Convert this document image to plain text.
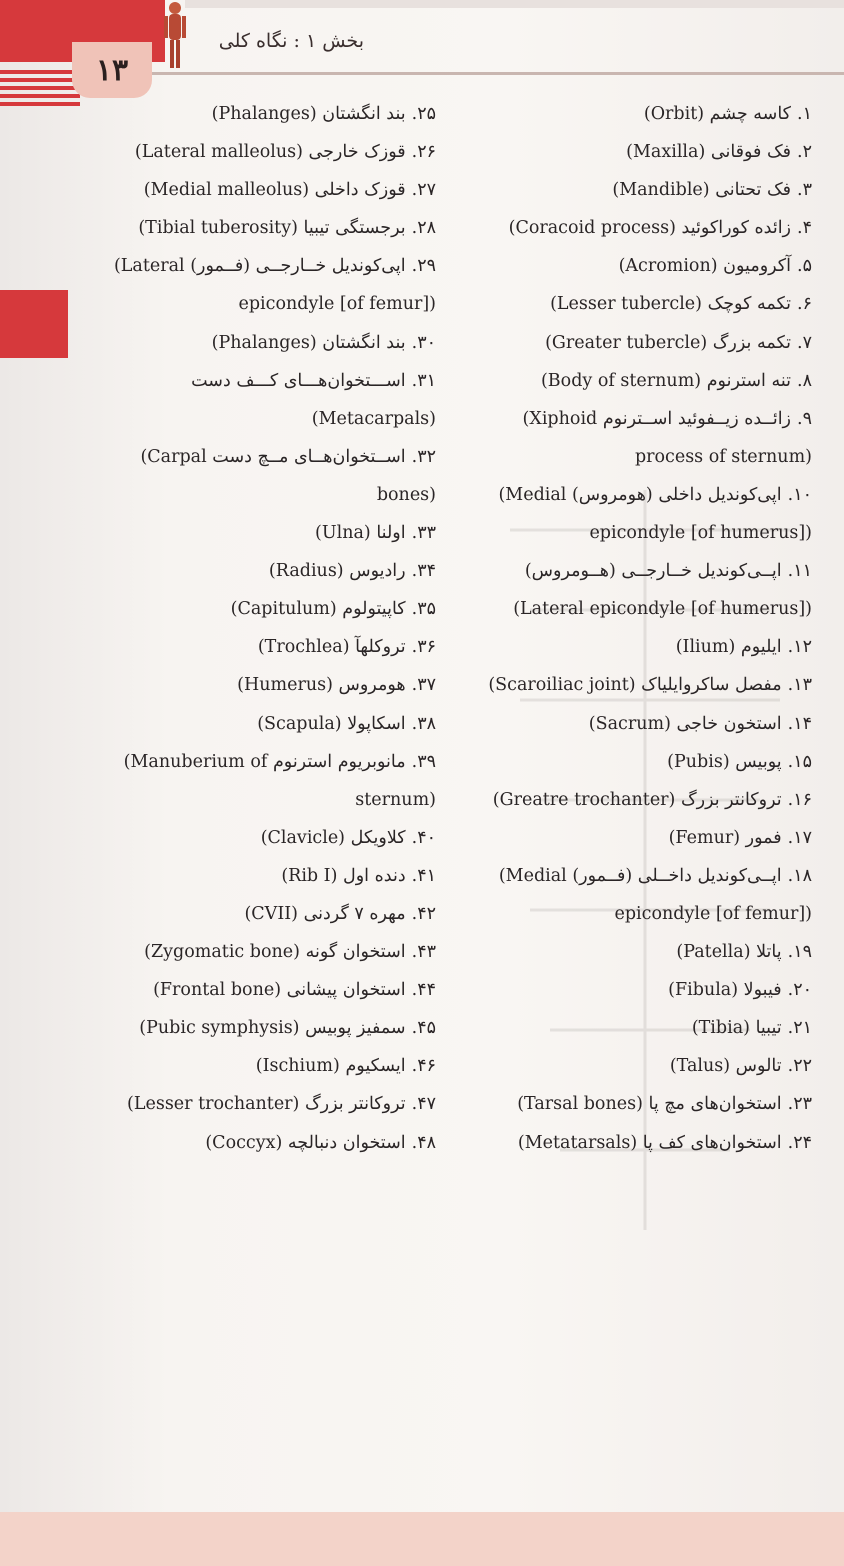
۱۳
بخش ۱ : نگاه کلی
۱.کاسه چشم (Orbit)
۲.فک فوقانی (Maxilla)
۳.فک تحتانی (Mandible)
۴.زائده کوراکوئید (Coracoid process)
۵.آکرومیون (Acromion)
۶.تکمه کوچک (Lesser tubercle)
۷.تکمه بزرگ (Greater tubercle)
۸.تنه استرنوم (Body of sternum)
۹.زائــده زیــفوئید اســترنوم (Xiphoid
process of sternum)
۱۰.اپی‌کوندیل داخلی (هومروس) (Medial
epicondyle [of humerus])
۱۱.اپــی‌کوندیل خــارجــی (هــومروس)
(Lateral epicondyle [of humerus])
۱۲.ایلیوم (Ilium)
۱۳.مفصل ساکروایلیاک (Scaroiliac joint)
۱۴.استخون خاجی (Sacrum)
۱۵.پوبیس (Pubis)
۱۶.تروکانتر بزرگ (Greatre trochanter)
۱۷.فمور (Femur)
۱۸.اپــی‌کوندیل داخــلی (فــمور) (Medial
epicondyle [of femur])
۱۹.پاتلا (Patella)
۲۰.فیبولا (Fibula)
۲۱.تیبیا (Tibia)
۲۲.تالوس (Talus)
۲۳.استخوان‌های مچ پا (Tarsal bones)
۲۴.استخوان‌های کف پا (Metatarsals)
۲۵.بند انگشتان (Phalanges)
۲۶.قوزک خارجی (Lateral malleolus)
۲۷.قوزک داخلی (Medial malleolus)
۲۸.برجستگی تیبیا (Tibial tuberosity)
۲۹.اپی‌کوندیل خــارجــی (فــمور) (Lateral
epicondyle [of femur])
۳۰.بند انگشتان (Phalanges)
۳۱.اســـتخوان‌هـــای کـــف دست
(Metacarpals)
۳۲.اســتخوان‌هــای مــچ دست (Carpal
bones)
۳۳.اولنا (Ulna)
۳۴.رادیوس (Radius)
۳۵.کاپیتولوم (Capitulum)
۳۶.تروکلهآ (Trochlea)
۳۷.هومروس (Humerus)
۳۸.اسکاپولا (Scapula)
۳۹.مانوبریوم استرنوم (Manuberium of
sternum)
۴۰.کلاویکل (Clavicle)
۴۱.دنده اول (Rib I)
۴۲.مهره ۷ گردنی (CVII)
۴۳.استخوان گونه (Zygomatic bone)
۴۴.استخوان پیشانی (Frontal bone)
۴۵.سمفیز پوبیس (Pubic symphysis)
۴۶.ایسکیوم (Ischium)
۴۷.تروکانتر بزرگ (Lesser trochanter)
۴۸.استخوان دنبالچه (Coccyx)
